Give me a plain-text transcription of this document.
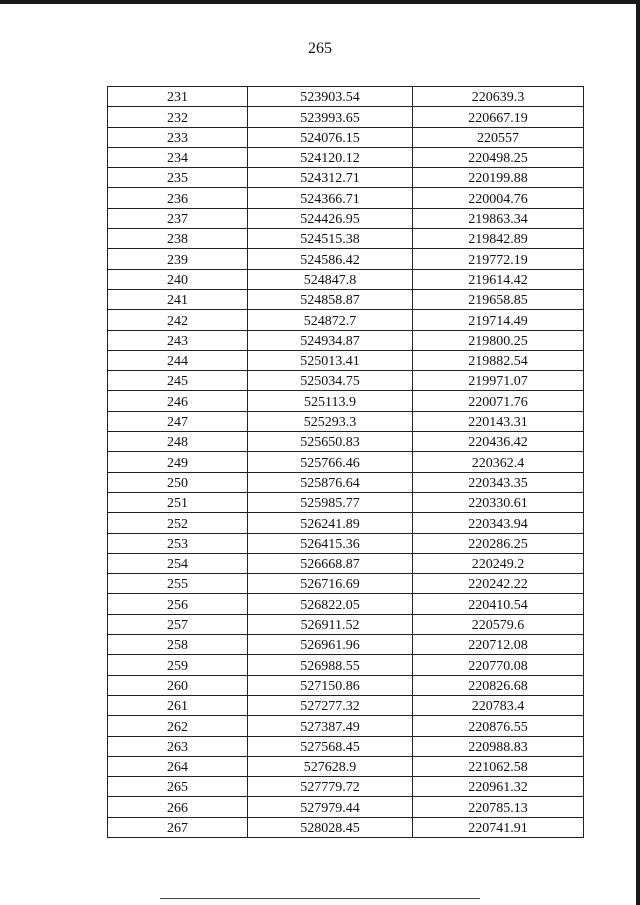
265
231	523903.54	220639.3
232	523993.65	220667.19
233	524076.15	220557
234	524120.12	220498.25
235	524312.71	220199.88
236	524366.71	220004.76
237	524426.95	219863.34
238	524515.38	219842.89
239	524586.42	219772.19
240	524847.8	219614.42
241	524858.87	219658.85
242	524872.7	219714.49
243	524934.87	219800.25
244	525013.41	219882.54
245	525034.75	219971.07
246	525113.9	220071.76
247	525293.3	220143.31
248	525650.83	220436.42
249	525766.46	220362.4
250	525876.64	220343.35
251	525985.77	220330.61
252	526241.89	220343.94
253	526415.36	220286.25
254	526668.87	220249.2
255	526716.69	220242.22
256	526822.05	220410.54
257	526911.52	220579.6
258	526961.96	220712.08
259	526988.55	220770.08
260	527150.86	220826.68
261	527277.32	220783.4
262	527387.49	220876.55
263	527568.45	220988.83
264	527628.9	221062.58
265	527779.72	220961.32
266	527979.44	220785.13
267	528028.45	220741.91
